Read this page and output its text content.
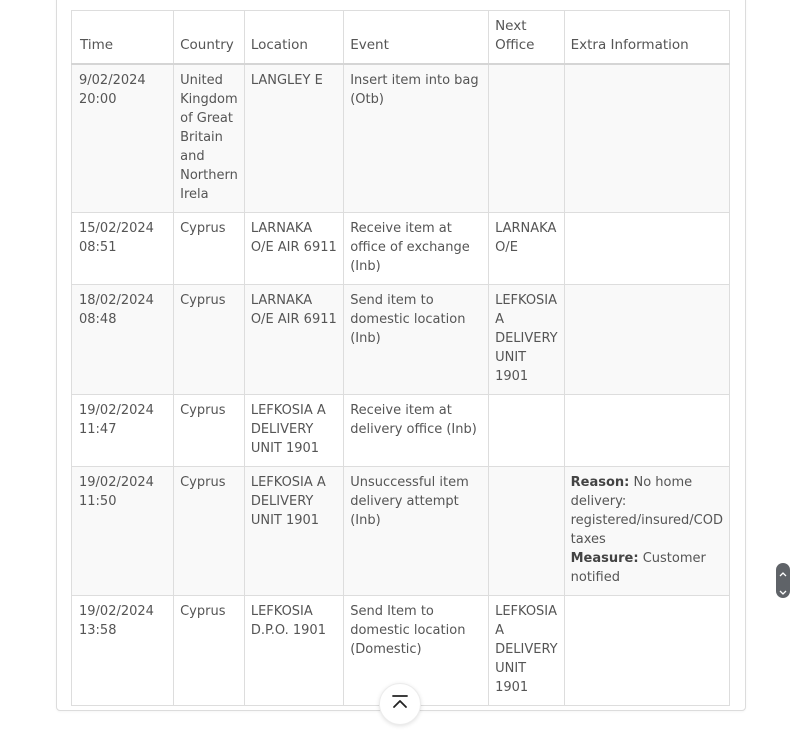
Time	Country	Location	Event	Next Office	Extra Information
9/02/2024 20:00	United Kingdom of Great Britain and Northern Irela	LANGLEY E	Insert item into bag (Otb)		
15/02/2024 08:51	Cyprus	LARNAKA O/E AIR 6911	Receive item at office of exchange (Inb)	LARNAKA O/E	
18/02/2024 08:48	Cyprus	LARNAKA O/E AIR 6911	Send item to domestic location (Inb)	LEFKOSIA A DELIVERY UNIT 1901	
19/02/2024 11:47	Cyprus	LEFKOSIA A DELIVERY UNIT 1901	Receive item at delivery office (Inb)		
19/02/2024 11:50	Cyprus	LEFKOSIA A DELIVERY UNIT 1901	Unsuccessful item delivery attempt (Inb)		Reason: No home delivery: registered/insured/COD taxes
Measure: Customer notified

19/02/2024 13:58	Cyprus	LEFKOSIA D.P.O. 1901	Send Item to domestic location (Domestic)	LEFKOSIA A DELIVERY UNIT 1901	
